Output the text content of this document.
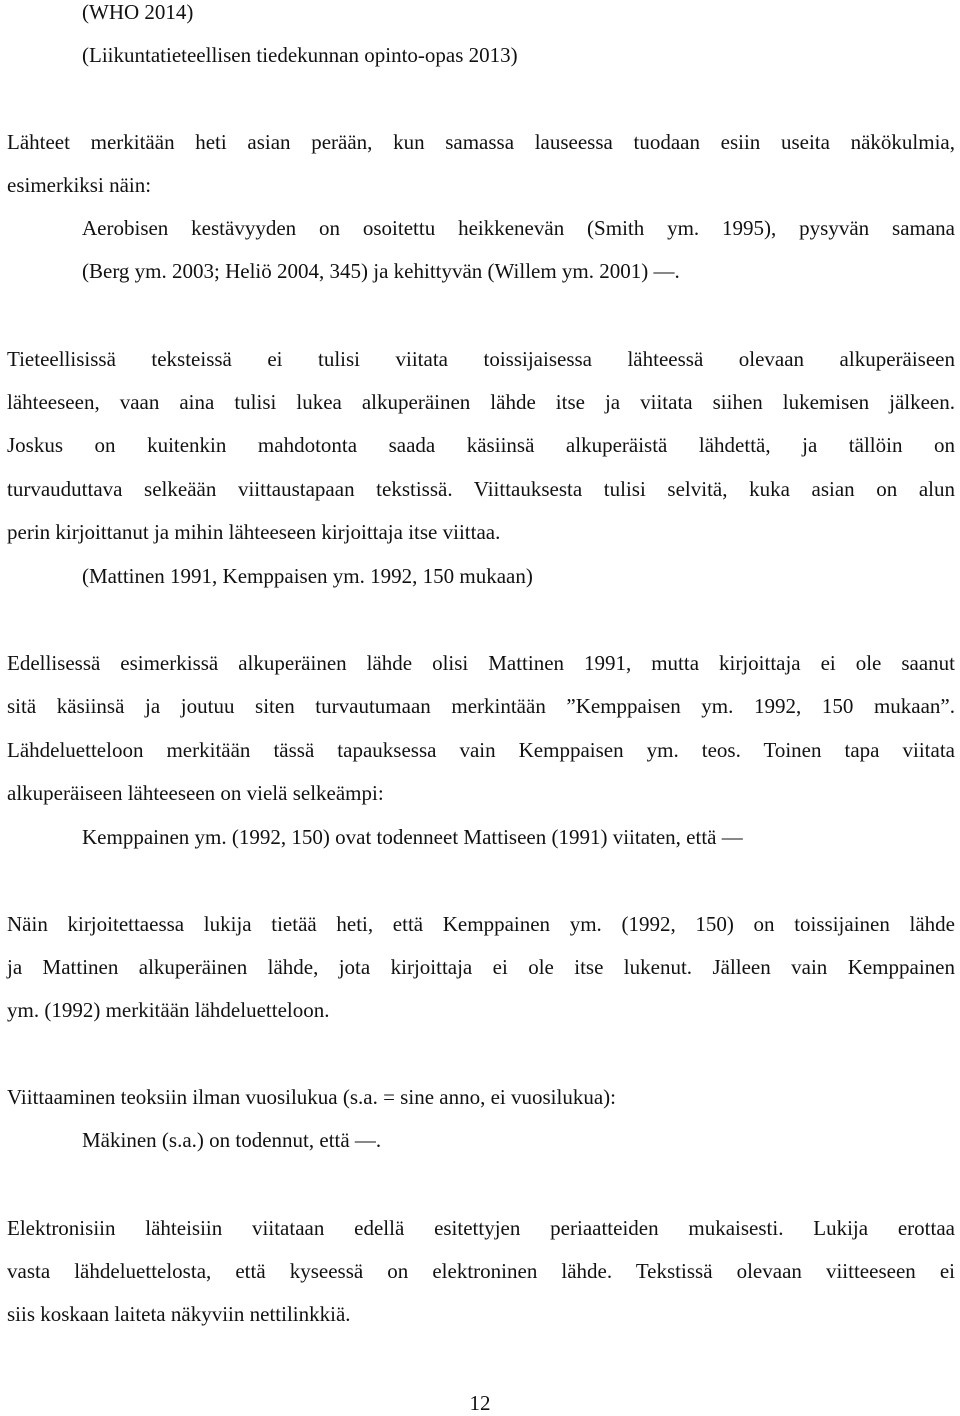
(WHO 2014)

(Liikuntatieteellisen tiedekunnan opinto-opas 2013)

Lähteet merkitään heti asian perään, kun samassa lauseessa tuodaan esiin useita näkökulmia,

esimerkiksi näin:

Aerobisen kestävyyden on osoitettu heikkenevän (Smith ym. 1995), pysyvän samana

(Berg ym. 2003; Heliö 2004, 345) ja kehittyvän (Willem ym. 2001) —.

Tieteellisissä teksteissä ei tulisi viitata toissijaisessa lähteessä olevaan alkuperäiseen

lähteeseen, vaan aina tulisi lukea alkuperäinen lähde itse ja viitata siihen lukemisen jälkeen.

Joskus on kuitenkin mahdotonta saada käsiinsä alkuperäistä lähdettä, ja tällöin on

turvauduttava selkeään viittaustapaan tekstissä. Viittauksesta tulisi selvitä, kuka asian on alun

perin kirjoittanut ja mihin lähteeseen kirjoittaja itse viittaa.

(Mattinen 1991, Kemppaisen ym. 1992, 150 mukaan)

Edellisessä esimerkissä alkuperäinen lähde olisi Mattinen 1991, mutta kirjoittaja ei ole saanut

sitä käsiinsä ja joutuu siten turvautumaan merkintään ”Kemppaisen ym. 1992, 150 mukaan”.

Lähdeluetteloon merkitään tässä tapauksessa vain Kemppaisen ym. teos. Toinen tapa viitata

alkuperäiseen lähteeseen on vielä selkeämpi:

Kemppainen ym. (1992, 150) ovat todenneet Mattiseen (1991) viitaten, että —

Näin kirjoitettaessa lukija tietää heti, että Kemppainen ym. (1992, 150) on toissijainen lähde

ja Mattinen alkuperäinen lähde, jota kirjoittaja ei ole itse lukenut. Jälleen vain Kemppainen

ym. (1992) merkitään lähdeluetteloon.

Viittaaminen teoksiin ilman vuosilukua (s.a. = sine anno, ei vuosilukua):

Mäkinen (s.a.) on todennut, että —.

Elektronisiin lähteisiin viitataan edellä esitettyjen periaatteiden mukaisesti. Lukija erottaa

vasta lähdeluettelosta, että kyseessä on elektroninen lähde. Tekstissä olevaan viitteeseen ei

siis koskaan laiteta näkyviin nettilinkkiä.

12
